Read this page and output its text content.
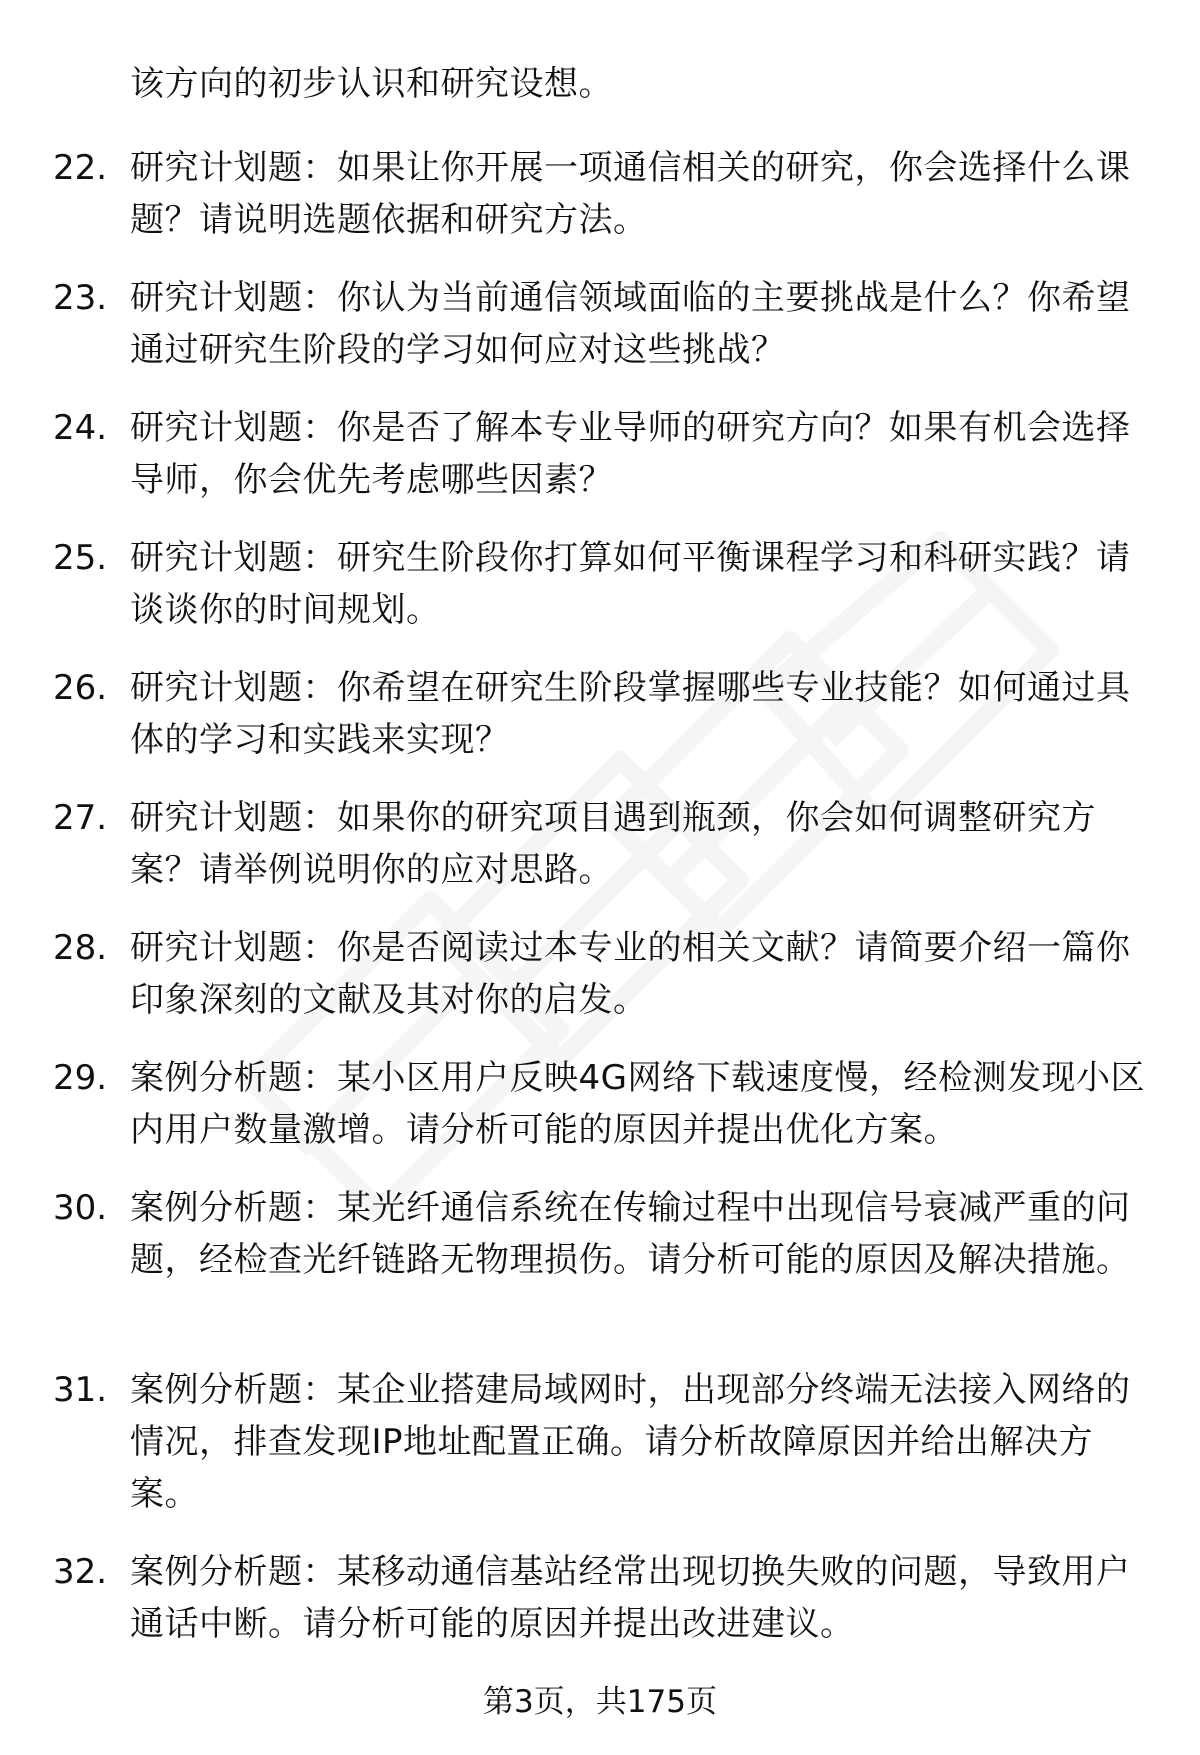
该方向的初步认识和研究设想。
22. 研究计划题：如果让你开展一项通信相关的研究，你会选择什么课题？请说明选题依据和研究方法。
23. 研究计划题：你认为当前通信领域面临的主要挑战是什么？你希望通过研究生阶段的学习如何应对这些挑战？
24. 研究计划题：你是否了解本专业导师的研究方向？如果有机会选择导师，你会优先考虑哪些因素？
25. 研究计划题：研究生阶段你打算如何平衡课程学习和科研实践？请谈谈你的时间规划。
26. 研究计划题：你希望在研究生阶段掌握哪些专业技能？如何通过具体的学习和实践来实现？
27. 研究计划题：如果你的研究项目遇到瓶颈，你会如何调整研究方案？请举例说明你的应对思路。
28. 研究计划题：你是否阅读过本专业的相关文献？请简要介绍一篇你印象深刻的文献及其对你的启发。
29. 案例分析题：某小区用户反映4G网络下载速度慢，经检测发现小区内用户数量激增。请分析可能的原因并提出优化方案。
30. 案例分析题：某光纤通信系统在传输过程中出现信号衰减严重的问题，经检查光纤链路无物理损伤。请分析可能的原因及解决措施。
31. 案例分析题：某企业搭建局域网时，出现部分终端无法接入网络的情况，排查发现IP地址配置正确。请分析故障原因并给出解决方案。
32. 案例分析题：某移动通信基站经常出现切换失败的问题，导致用户通话中断。请分析可能的原因并提出改进建议。
第3页，共175页
